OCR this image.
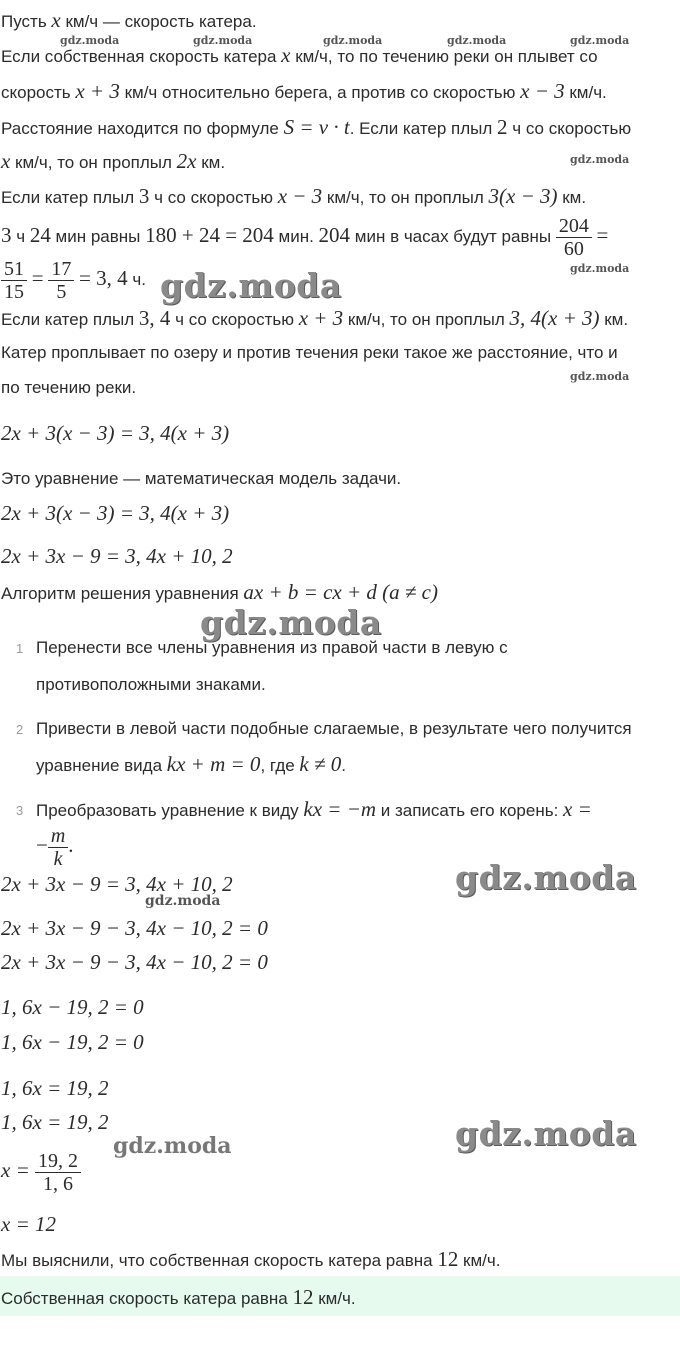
gdz.moda	gdz.moda	gdz.moda	gdz.moda	gdz.moda
gdz.moda
gdz.moda
gdz.moda
gdz.moda
gdz.moda
gdz.moda
gdz.moda
gdz.moda
gdz.moda
Пусть x км/ч — скорость катера.
Если собственная скорость катера x км/ч, то по течению реки он плывет со
скорость x + 3 км/ч относительно берега, а против со скоростью x − 3 км/ч.
Расстояние находится по формуле S = v · t. Если катер плыл 2 ч со скоростью
x км/ч, то он проплыл 2x км.
Если катер плыл 3 ч со скоростью x − 3 км/ч, то он проплыл 3(x − 3) км.
3 ч 24 мин равны 180 + 24 = 204 мин. 204 мин в часах будут равны $\frac{204}{60}$ =
$\frac{51}{15} = \frac{17}{5} = 3$, 4 ч.
Если катер плыл 3, 4 ч со скоростью x + 3 км/ч, то он проплыл 3, 4(x + 3) км.
Катер проплывает по озеру и против течения реки такое же расстояние, что и
по течению реки.
2x + 3(x − 3) = 3, 4(x + 3)
Это уравнение — математическая модель задачи.
2x + 3(x − 3) = 3, 4(x + 3)
2x + 3x − 9 = 3, 4x + 10, 2
Алгоритм решения уравнения ax + b = cx + d (a ≠ c)
1 Перенести все члены уравнения из правой части в левую с
противоположными знаками.
2 Привести в левой части подобные слагаемые, в результате чего получится
уравнение вида kx + m = 0, где k ≠ 0.
3 Преобразовать уравнение к виду kx = −m и записать его корень: x =
− $\frac{m}{k}$ .
2x + 3x − 9 = 3, 4x + 10, 2
2x + 3x − 9 − 3, 4x − 10, 2 = 0
2x + 3x − 9 − 3, 4x − 10, 2 = 0
1, 6x − 19, 2 = 0
1, 6x − 19, 2 = 0
1, 6x = 19, 2
1, 6x = 19, 2
$x = \frac{19, 2}{1, 6}$
x = 12
Мы выяснили, что собственная скорость катера равна 12 км/ч.
Собственная скорость катера равна 12 км/ч.
